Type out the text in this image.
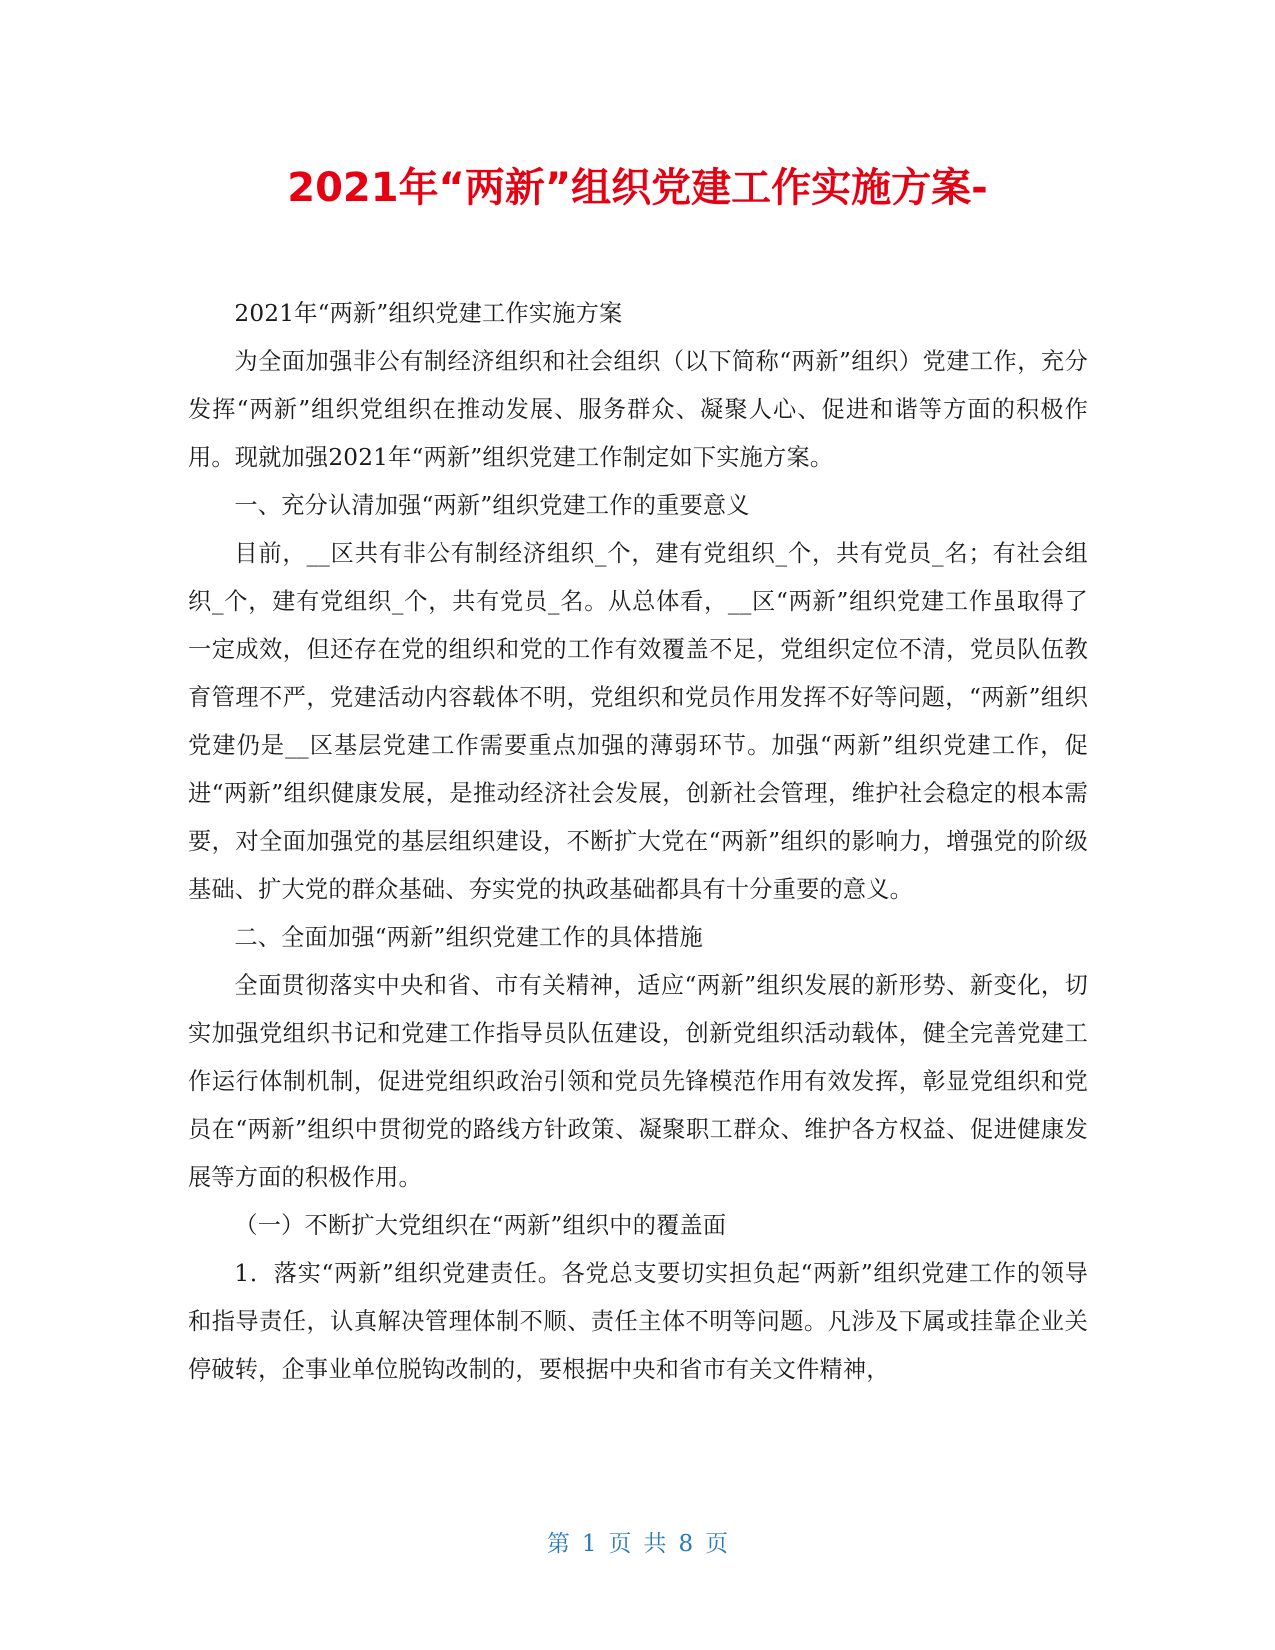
2021年“两新”组织党建工作实施方案-

2021年“两新”组织党建工作实施方案

为全面加强非公有制经济组织和社会组织（以下简称“两新”组织）党建工作，充分发挥“两新”组织党组织在推动发展、服务群众、凝聚人心、促进和谐等方面的积极作用。现就加强2021年“两新”组织党建工作制定如下实施方案。

一、充分认清加强“两新”组织党建工作的重要意义

目前，__区共有非公有制经济组织_个，建有党组织_个，共有党员_名；有社会组织_个，建有党组织_个，共有党员_名。从总体看，__区“两新”组织党建工作虽取得了一定成效，但还存在党的组织和党的工作有效覆盖不足，党组织定位不清，党员队伍教育管理不严，党建活动内容载体不明，党组织和党员作用发挥不好等问题，“两新”组织党建仍是__区基层党建工作需要重点加强的薄弱环节。加强“两新”组织党建工作，促进“两新”组织健康发展，是推动经济社会发展，创新社会管理，维护社会稳定的根本需要，对全面加强党的基层组织建设，不断扩大党在“两新”组织的影响力，增强党的阶级基础、扩大党的群众基础、夯实党的执政基础都具有十分重要的意义。

二、全面加强“两新”组织党建工作的具体措施

全面贯彻落实中央和省、市有关精神，适应“两新”组织发展的新形势、新变化，切实加强党组织书记和党建工作指导员队伍建设，创新党组织活动载体，健全完善党建工作运行体制机制，促进党组织政治引领和党员先锋模范作用有效发挥，彰显党组织和党员在“两新”组织中贯彻党的路线方针政策、凝聚职工群众、维护各方权益、促进健康发展等方面的积极作用。

（一）不断扩大党组织在“两新”组织中的覆盖面

1．落实“两新”组织党建责任。各党总支要切实担负起“两新”组织党建工作的领导和指导责任，认真解决管理体制不顺、责任主体不明等问题。凡涉及下属或挂靠企业关停破转，企事业单位脱钩改制的，要根据中央和省市有关文件精神，

第 1 页 共 8 页
